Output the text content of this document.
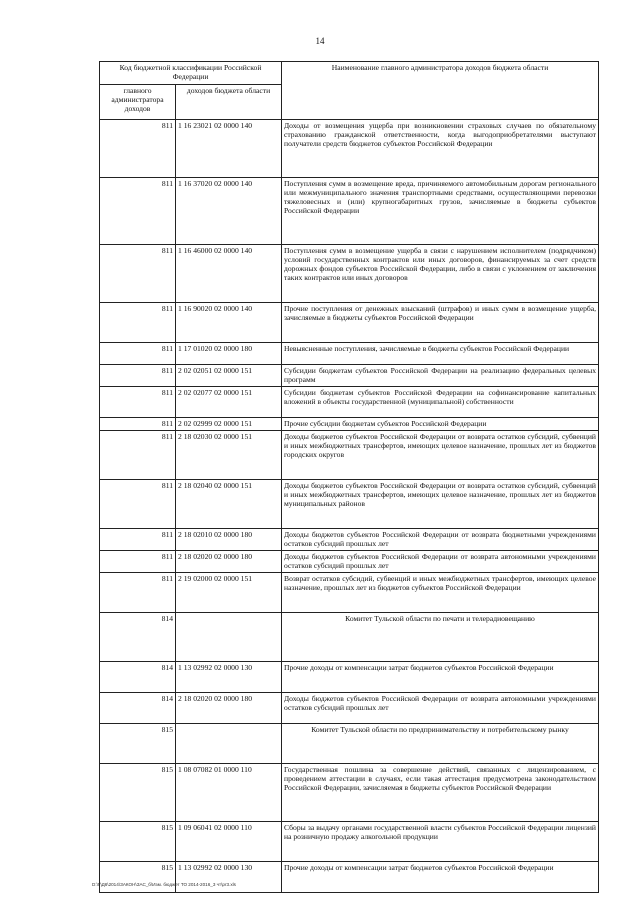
14
Код бюджетной классификации Российской Федерации		Наименование главного администратора доходов бюджета области
главного администратора доходов	доходов бюджета области	
811	1 16 23021 02 0000 140	Доходы от возмещения ущерба при возникновении страховых случаев по обязательному страхованию гражданской ответственности, когда выгодоприобретателями выступают получатели средств бюджетов субъектов Российской Федерации
811	1 16 37020 02 0000 140	Поступления сумм в возмещение вреда, причиняемого автомобильным дорогам регионального или межмуниципального значения транспортными средствами, осуществляющими перевозки тяжеловесных и (или) крупногабаритных грузов, зачисляемые в бюджеты субъектов Российской Федерации
811	1 16 46000 02 0000 140	Поступления сумм в возмещение ущерба в связи с нарушением исполнителем (подрядчиком) условий государственных контрактов или иных договоров, финансируемых за счет средств дорожных фондов субъектов Российской Федерации, либо в связи с уклонением от заключения таких контрактов или иных договоров
811	1 16 90020 02 0000 140	Прочие поступления от денежных взысканий (штрафов) и иных сумм в возмещение ущерба, зачисляемые в бюджеты субъектов Российской Федерации
811	1 17 01020 02 0000 180	Невыясненные поступления, зачисляемые в бюджеты субъектов Российской Федерации
811	2 02 02051 02 0000 151	Субсидии бюджетам субъектов Российской Федерации на реализацию федеральных целевых программ
811	2 02 02077 02 0000 151	Субсидии бюджетам субъектов Российской Федерации на софинансирование капитальных вложений в объекты государственной (муниципальной) собственности
811	2 02 02999 02 0000 151	Прочие субсидии бюджетам субъектов Российской Федерации
811	2 18 02030 02 0000 151	Доходы бюджетов субъектов Российской Федерации от возврата остатков субсидий, субвенций и иных межбюджетных трансфертов, имеющих целевое назначение, прошлых лет из бюджетов городских округов
811	2 18 02040 02 0000 151	Доходы бюджетов субъектов Российской Федерации от возврата остатков субсидий, субвенций и иных межбюджетных трансфертов, имеющих целевое назначение, прошлых лет из бюджетов муниципальных районов
811	2 18 02010 02 0000 180	Доходы бюджетов субъектов Российской Федерации от возврата бюджетными учреждениями остатков субсидий прошлых лет
811	2 18 02020 02 0000 180	Доходы бюджетов субъектов Российской Федерации от возврата автономными учреждениями остатков субсидий прошлых лет
811	2 19 02000 02 0000 151	Возврат остатков субсидий, субвенций и иных межбюджетных трансфертов, имеющих целевое назначение, прошлых лет из бюджетов субъектов Российской Федерации
814		Комитет Тульской области по печати и телерадиовещанию
814	1 13 02992 02 0000 130	Прочие доходы от компенсации затрат бюджетов субъектов Российской Федерации
814	2 18 02020 02 0000 180	Доходы бюджетов субъектов Российской Федерации от возврата автономными учреждениями остатков субсидий прошлых лет
815		Комитет Тульской области по предпринимательству и потребительскому рынку
815	1 08 07082 01 0000 110	Государственная пошлина за совершение действий, связанных с лицензированием, с проведением аттестации в случаях, если такая аттестация предусмотрена законодательством Российской Федерации, зачисляемая в бюджеты субъектов Российской Федерации
815	1 09 06041 02 0000 110	Сборы за выдачу органами государственной власти субъектов Российской Федерации лицензий на розничную продажу алкогольной продукции
815	1 13 02992 02 0000 130	Прочие доходы от компенсации затрат бюджетов субъектов Российской Федерации
D:\Г\Д6\2014\ЗАКОН\ЗАС_б\Изм. бюджет ТО 2014-2016_3 чт\pr3.xls
